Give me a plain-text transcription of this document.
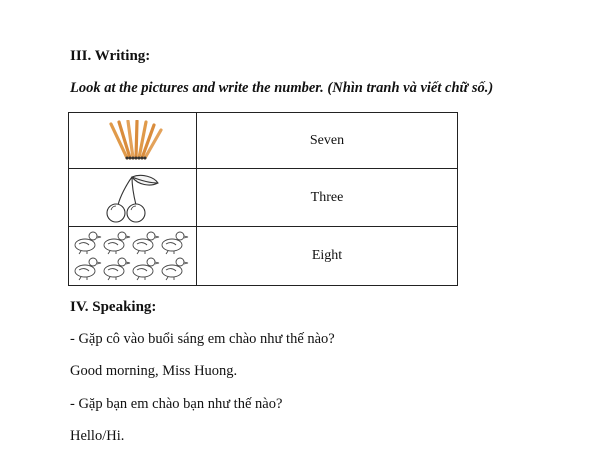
III. Writing:

Look at the pictures and write the number. (Nhìn tranh và viết chữ số.)

	Seven

	Three

	Eight

IV. Speaking:

- Gặp cô vào buổi sáng em chào như thế nào?

Good morning, Miss Huong.

- Gặp bạn em chào bạn như thế nào?

Hello/Hi.
